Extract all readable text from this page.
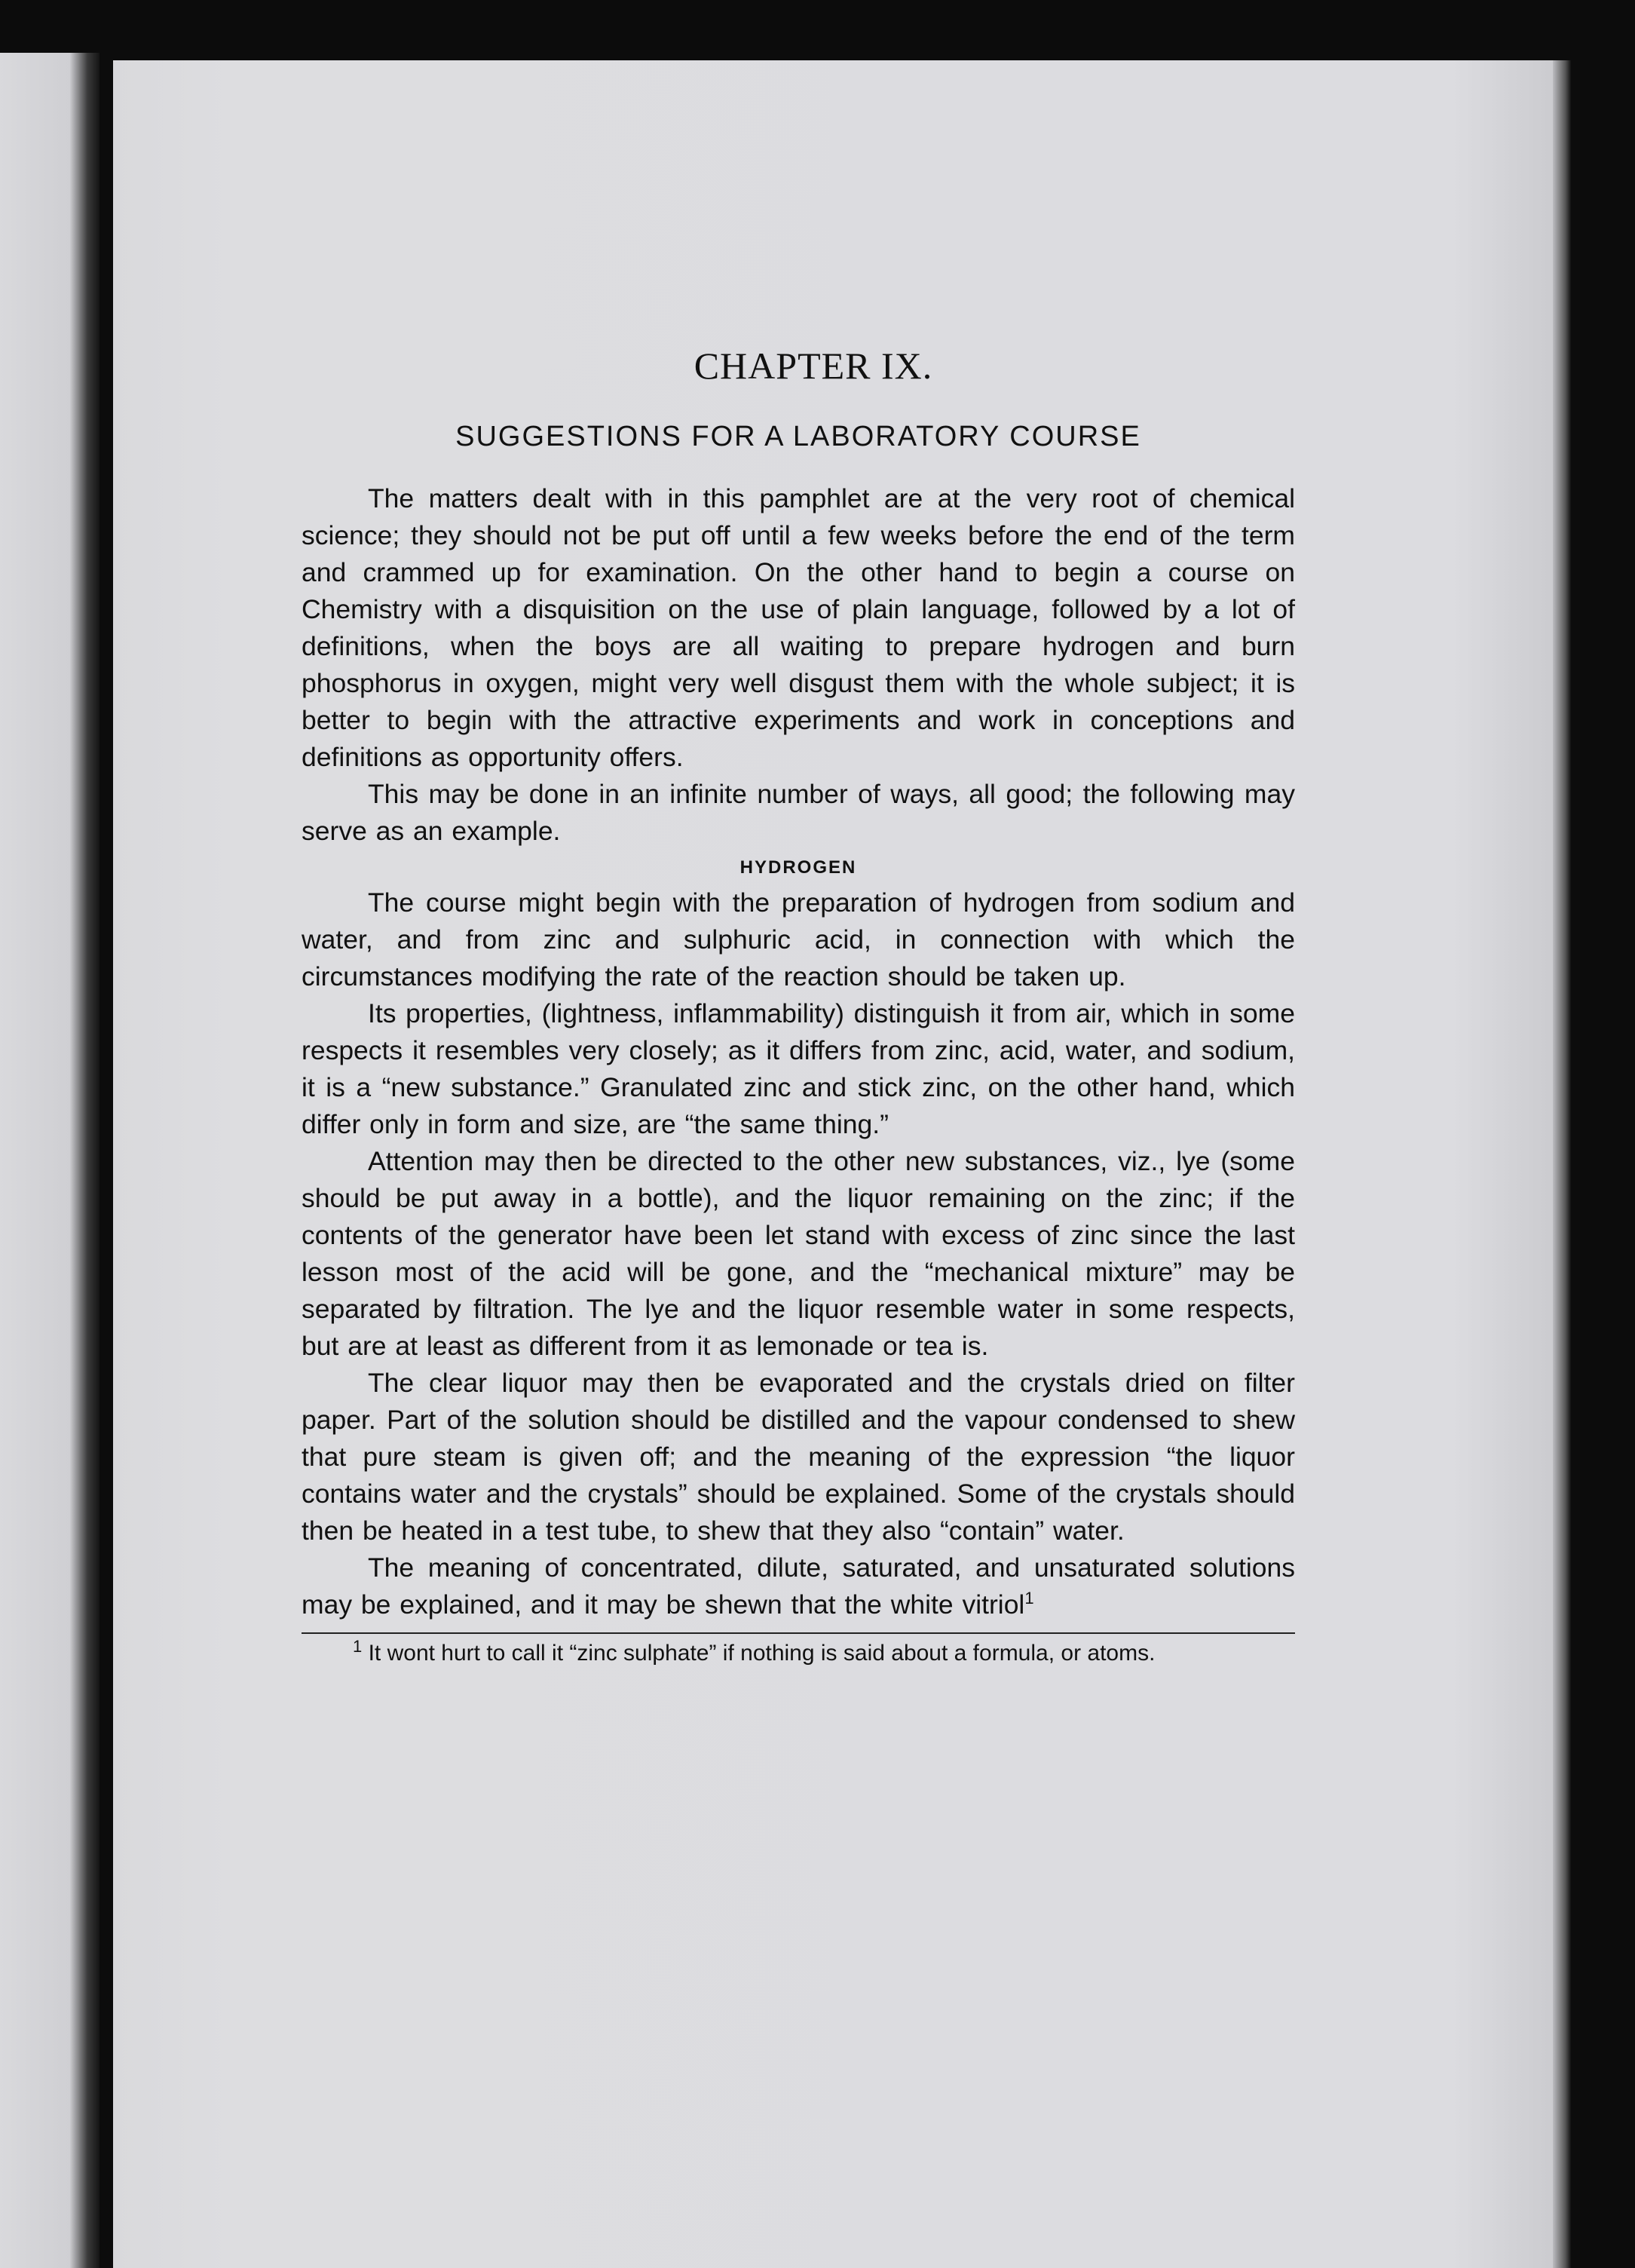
CHAPTER IX.
SUGGESTIONS FOR A LABORATORY COURSE

The matters dealt with in this pamphlet are at the very root of chemical science; they should not be put off until a few weeks before the end of the term and crammed up for examination. On the other hand to begin a course on Chemistry with a disquisition on the use of plain language, followed by a lot of definitions, when the boys are all waiting to prepare hydrogen and burn phosphorus in oxygen, might very well disgust them with the whole subject; it is better to begin with the attractive experiments and work in conceptions and definitions as opportunity offers.

This may be done in an infinite number of ways, all good; the following may serve as an example.

HYDROGEN

The course might begin with the preparation of hydrogen from sodium and water, and from zinc and sulphuric acid, in connection with which the circumstances modifying the rate of the reaction should be taken up.

Its properties, (lightness, inflammability) distinguish it from air, which in some respects it resembles very closely; as it differs from zinc, acid, water, and sodium, it is a “new substance.” Granulated zinc and stick zinc, on the other hand, which differ only in form and size, are “the same thing.”

Attention may then be directed to the other new substances, viz., lye (some should be put away in a bottle), and the liquor remaining on the zinc; if the contents of the generator have been let stand with excess of zinc since the last lesson most of the acid will be gone, and the “mechanical mixture” may be separated by filtration. The lye and the liquor resemble water in some respects, but are at least as different from it as lemonade or tea is.

The clear liquor may then be evaporated and the crystals dried on filter paper. Part of the solution should be distilled and the vapour condensed to shew that pure steam is given off; and the meaning of the expression “the liquor contains water and the crystals” should be explained. Some of the crystals should then be heated in a test tube, to shew that they also “contain” water.

The meaning of concentrated, dilute, saturated, and unsaturated solutions may be explained, and it may be shewn that the white vitriol$^1$

$^1$ It wont hurt to call it “zinc sulphate” if nothing is said about a formula, or atoms.
